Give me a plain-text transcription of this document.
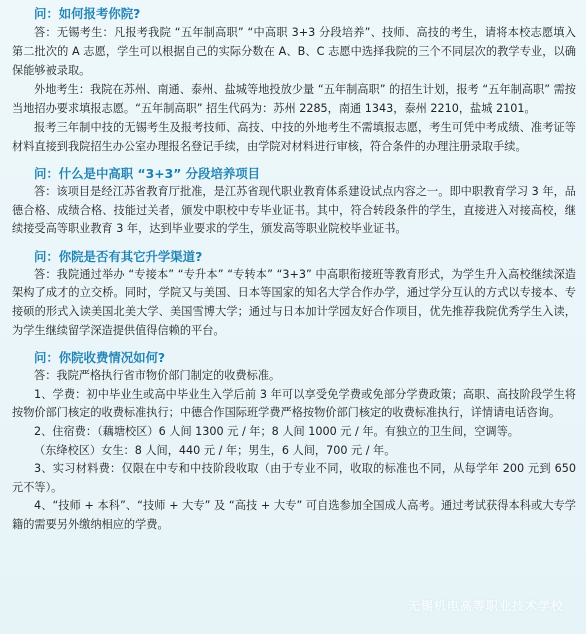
问：如何报考你院?

答：无锡考生：凡报考我院 “五年制高职” “中高职 3+3 分段培养”、技师、高技的考生，请将本校志愿填入第二批次的 A 志愿，学生可以根据自己的实际分数在 A、B、C 志愿中选择我院的三个不同层次的教学专业，以确保能够被录取。

外地考生：我院在苏州、南通、泰州、盐城等地投放少量 “五年制高职” 的招生计划，报考 “五年制高职” 需按当地招办要求填报志愿。“五年制高职” 招生代码为：苏州 2285，南通 1343，泰州 2210，盐城 2101。

报考三年制中技的无锡考生及报考技师、高技、中技的外地考生不需填报志愿，考生可凭中考成绩、准考证等材料直接到我院招生办公室办理报名登记手续，由学院对材料进行审核，符合条件的办理注册录取手续。

问：什么是中高职 “3+3” 分段培养项目

答：该项目是经江苏省教育厅批准，是江苏省现代职业教育体系建设试点内容之一。即中职教育学习 3 年，品德合格、成绩合格、技能过关者，颁发中职校中专毕业证书。其中，符合转段条件的学生，直接进入对接高校，继续接受高等职业教育 3 年，达到毕业要求的学生，颁发高等职业院校毕业证书。

问：你院是否有其它升学渠道?

答：我院通过举办 “专接本” “专升本” “专转本” “3+3” 中高职衔接班等教育形式，为学生升入高校继续深造架构了成才的立交桥。同时，学院又与美国、日本等国家的知名大学合作办学，通过学分互认的方式以专接本、专接硕的形式入读美国北美大学、美国雪博大学；通过与日本加计学园友好合作项目，优先推荐我院优秀学生入读，为学生继续留学深造提供值得信赖的平台。

问：你院收费情况如何?

答：我院严格执行省市物价部门制定的收费标准。

1、学费：初中毕业生或高中毕业生入学后前 3 年可以享受免学费或免部分学费政策；高职、高技阶段学生将按物价部门核定的收费标准执行；中德合作国际班学费严格按物价部门核定的收费标准执行，详情请电话咨询。

2、住宿费：（藕塘校区）6 人间 1300 元 / 年；8 人间 1000 元 / 年。有独立的卫生间，空调等。

（东绛校区）女生：8 人间，440 元 / 年；男生，6 人间，700 元 / 年。

3、实习材料费：仅限在中专和中技阶段收取（由于专业不同，收取的标准也不同，从每学年 200 元到 650 元不等）。

4、“技师 + 本科”、“技师 + 大专” 及 “高技 + 大专” 可自选参加全国成人高考。通过考试获得本科或大专学籍的需要另外缴纳相应的学费。

无锡机电高等职业技术学校
